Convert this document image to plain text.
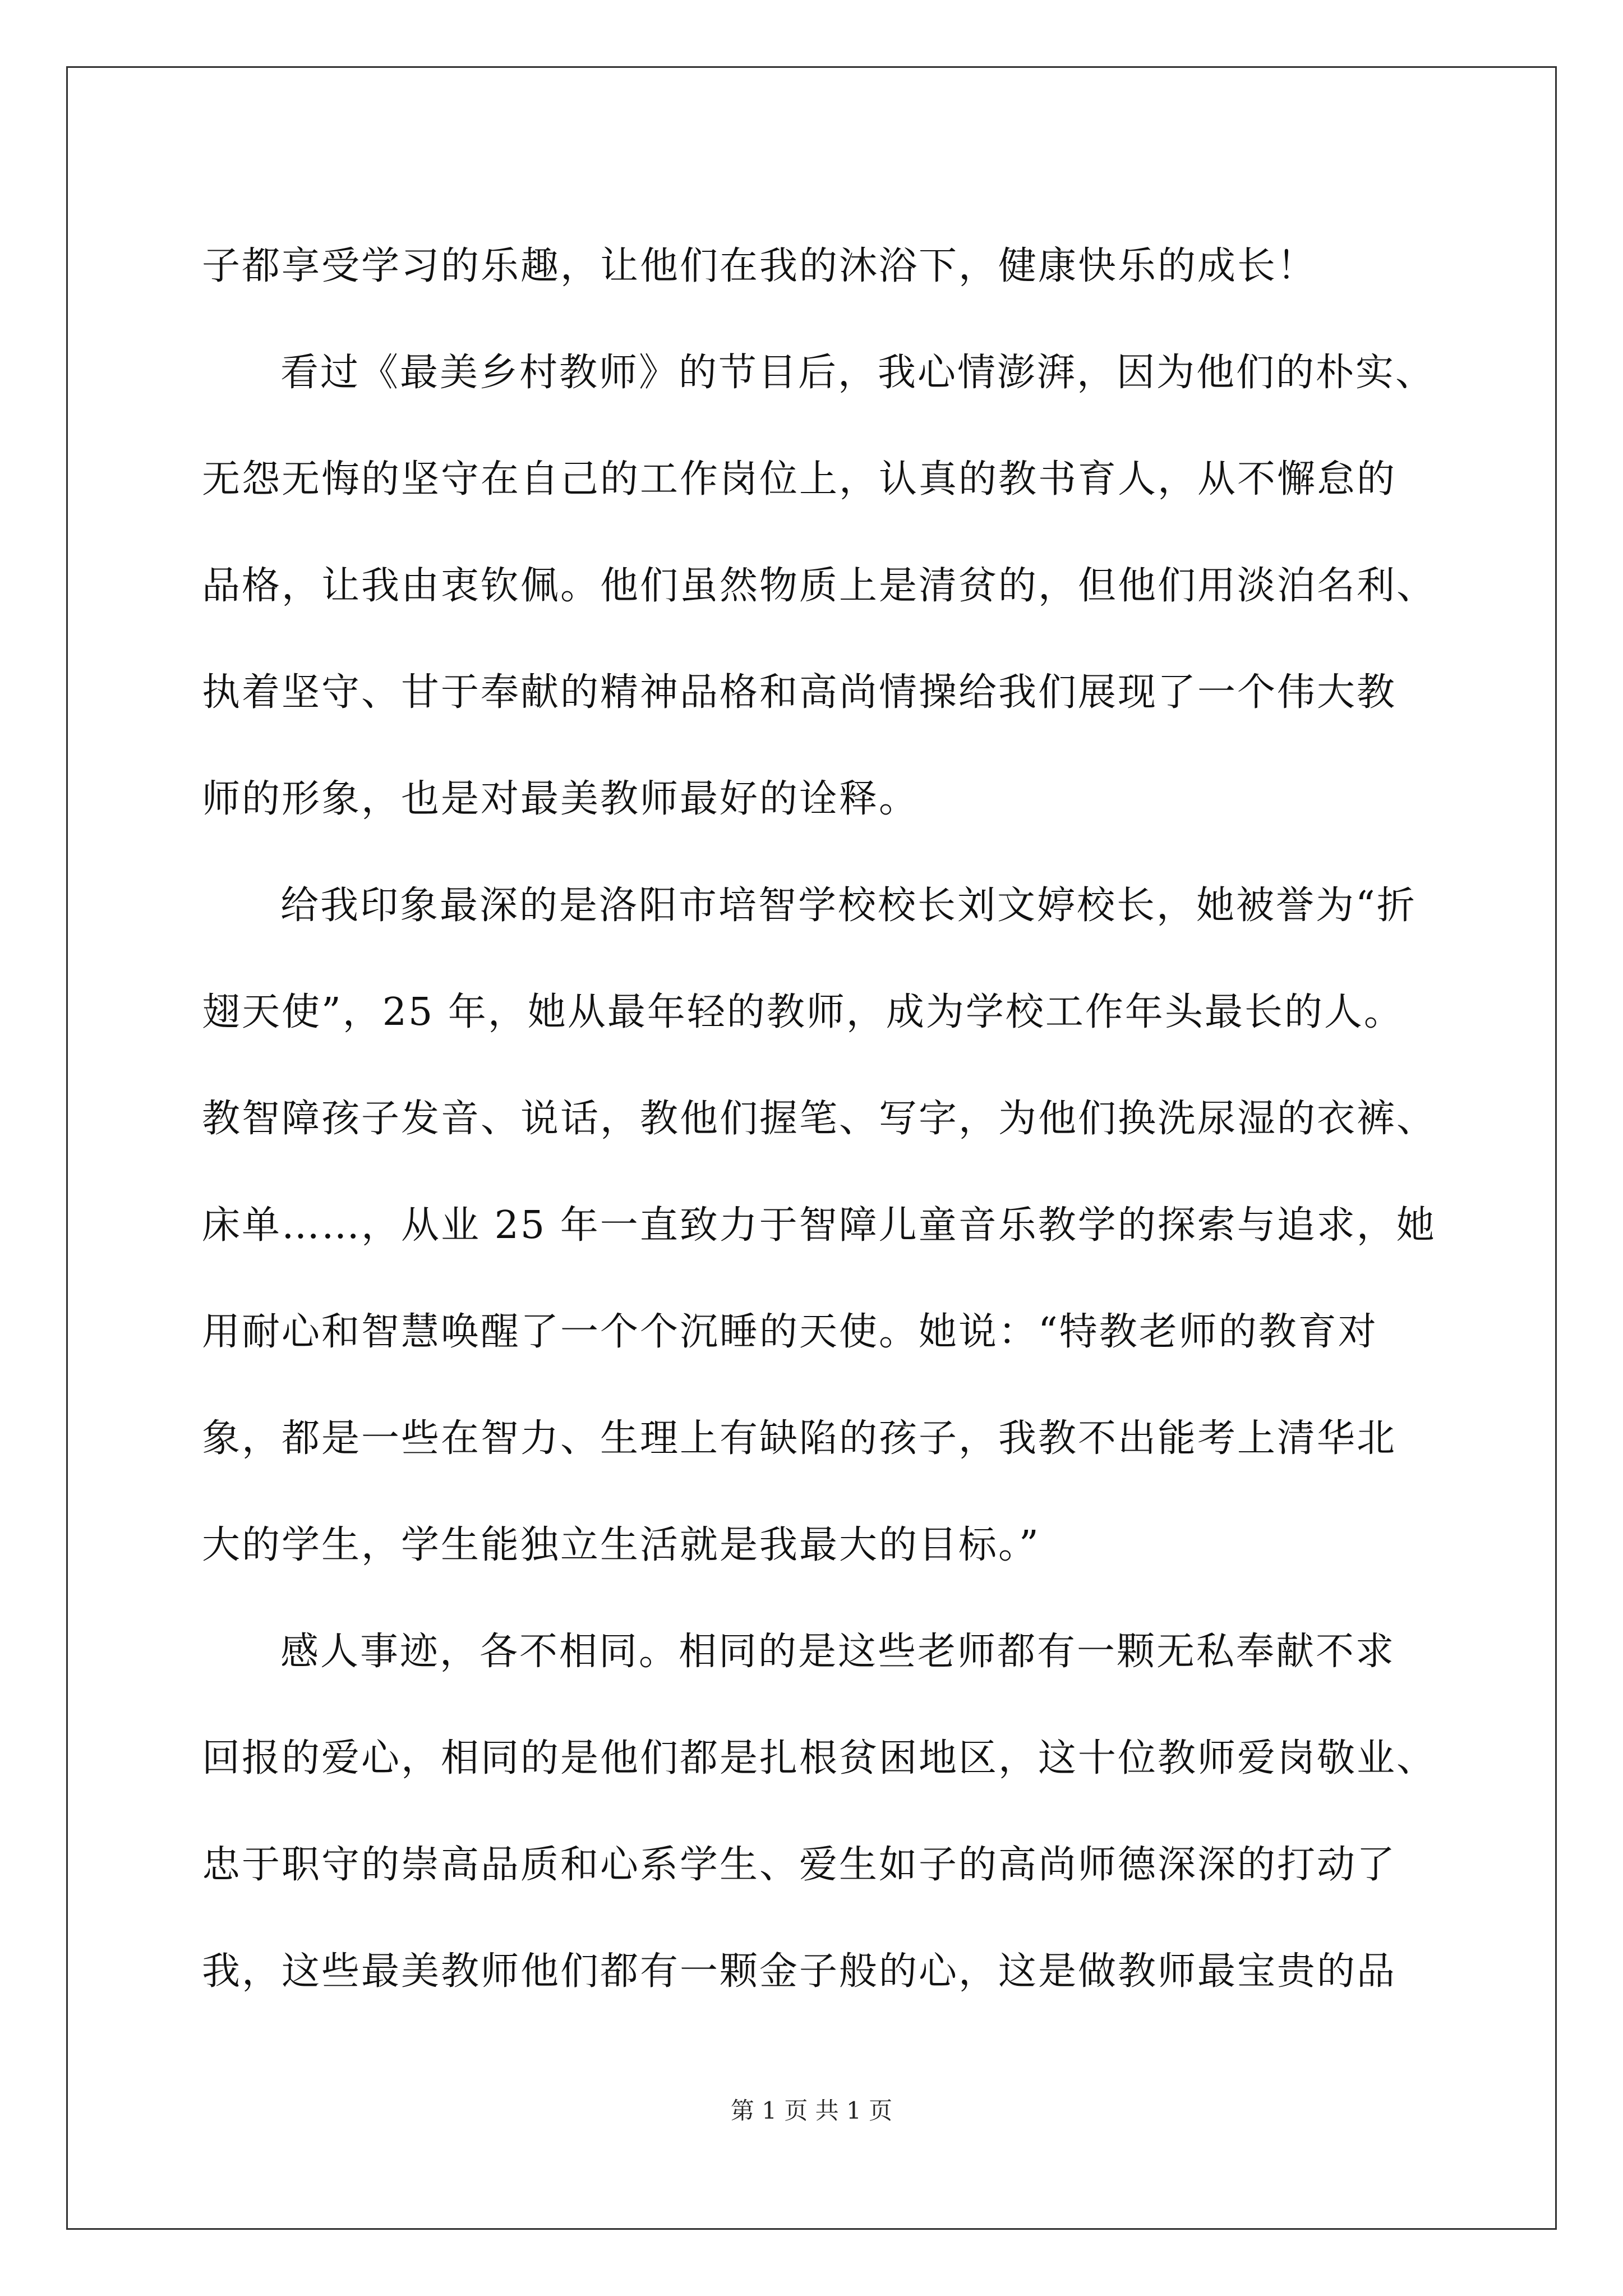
子都享受学习的乐趣，让他们在我的沐浴下，健康快乐的成长！
看过《最美乡村教师》的节目后，我心情澎湃，因为他们的朴实、
无怨无悔的坚守在自己的工作岗位上，认真的教书育人，从不懈怠的
品格，让我由衷钦佩。他们虽然物质上是清贫的，但他们用淡泊名利、
执着坚守、甘于奉献的精神品格和高尚情操给我们展现了一个伟大教
师的形象，也是对最美教师最好的诠释。
给我印象最深的是洛阳市培智学校校长刘文婷校长，她被誉为“折
翅天使”，25 年，她从最年轻的教师，成为学校工作年头最长的人。
教智障孩子发音、说话，教他们握笔、写字，为他们换洗尿湿的衣裤、
床单……，从业 25 年一直致力于智障儿童音乐教学的探索与追求，她
用耐心和智慧唤醒了一个个沉睡的天使。她说：“特教老师的教育对
象，都是一些在智力、生理上有缺陷的孩子，我教不出能考上清华北
大的学生，学生能独立生活就是我最大的目标。”
感人事迹，各不相同。相同的是这些老师都有一颗无私奉献不求
回报的爱心，相同的是他们都是扎根贫困地区，这十位教师爱岗敬业、
忠于职守的崇高品质和心系学生、爱生如子的高尚师德深深的打动了
我，这些最美教师他们都有一颗金子般的心，这是做教师最宝贵的品
第 1 页 共 1 页
